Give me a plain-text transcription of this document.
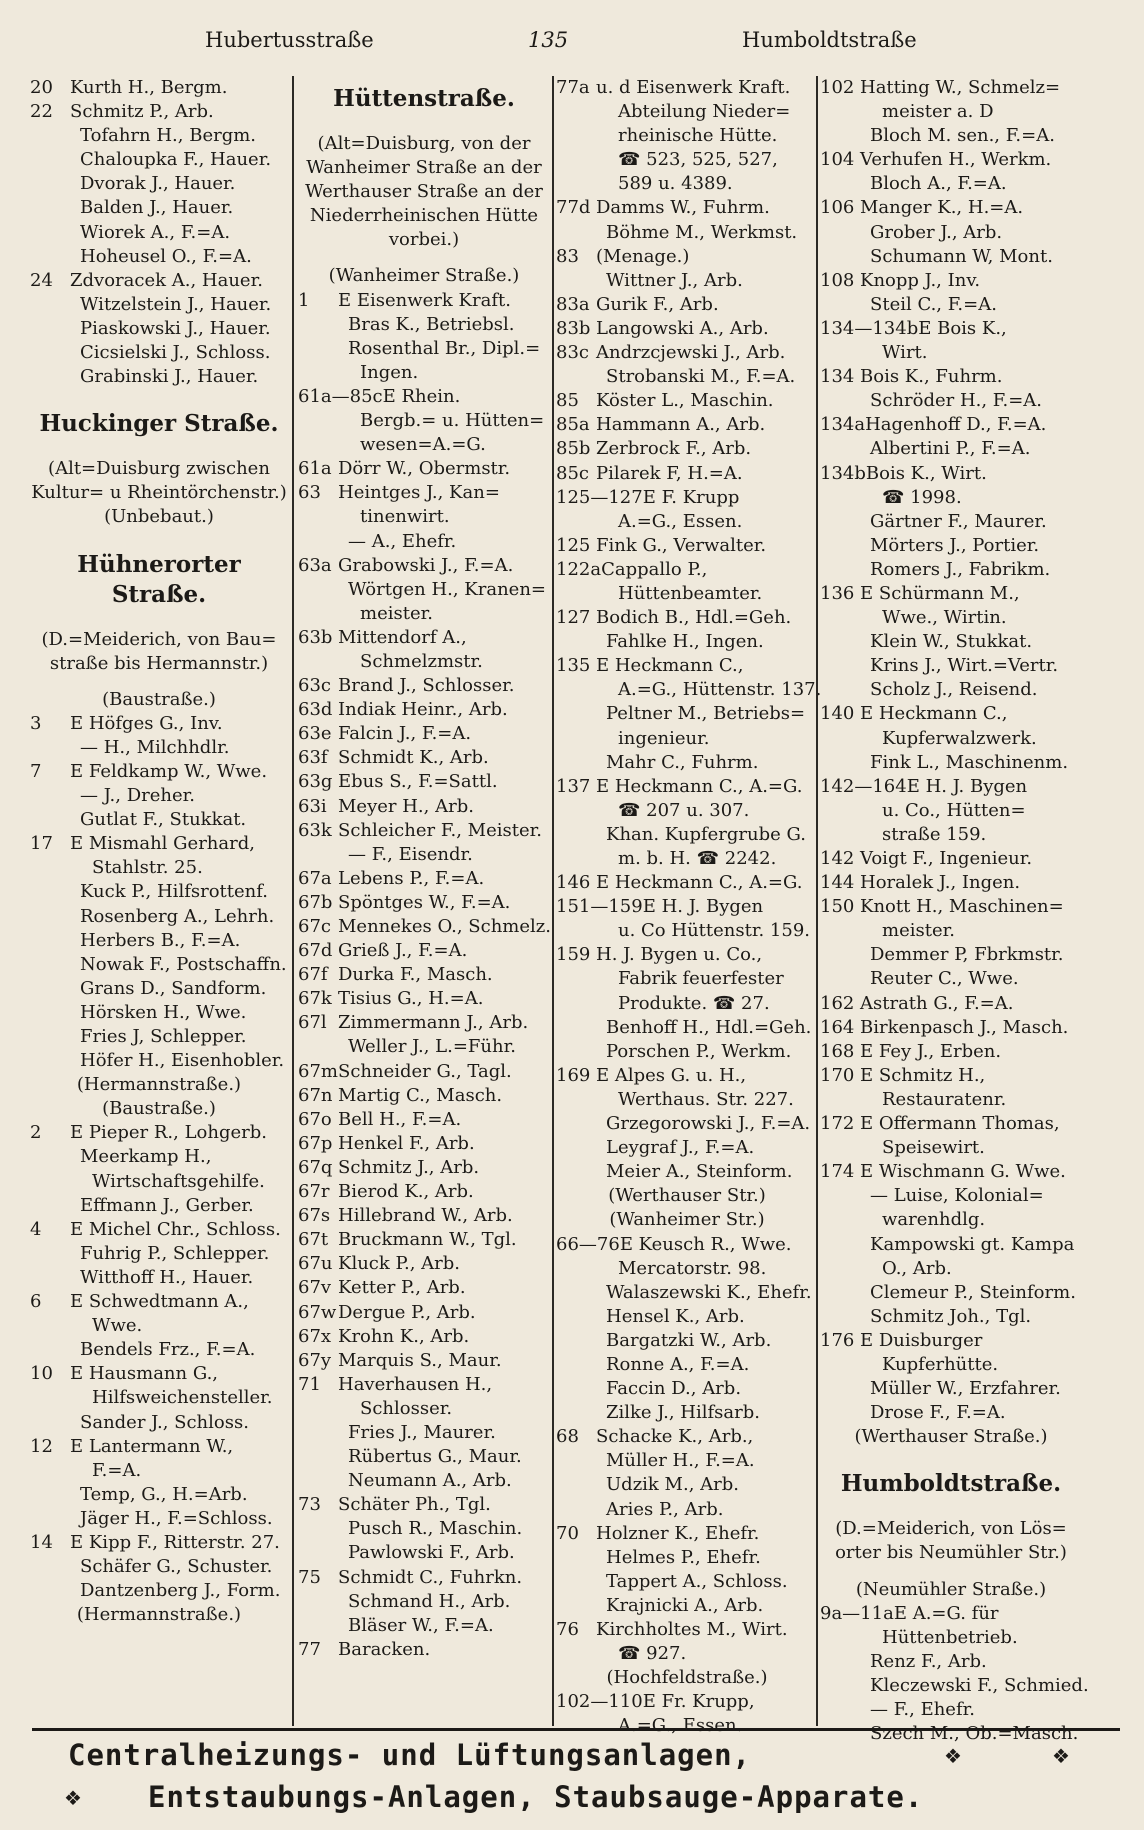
Hubertusstraße	135	Humboldtstraße
20 Kurth H., Bergm.
22 Schmitz P., Arb.
Tofahrn H., Bergm.
Chaloupka F., Hauer.
Dvorak J., Hauer.
Balden J., Hauer.
Wiorek A., F.=A.
Hoheusel O., F.=A.
24 Zdvoracek A., Hauer.
Witzelstein J., Hauer.
Piaskowski J., Hauer.
Cicsielski J., Schloss.
Grabinski J., Hauer.
Huckinger Straße.
(Alt=Duisburg zwischen
Kultur= u Rheintörchenstr.)
(Unbebaut.)
Hühnerorter Straße.
(D.=Meiderich, von Bau=
straße bis Hermannstr.)
(Baustraße.)
3	E Höfges G., Inv.
— H., Milchhdlr.
7	E Feldkamp W., Wwe.
— J., Dreher.
Gutlat F., Stukkat.
17 E Mismahl Gerhard,
Stahlstr. 25.
Kuck P., Hilfsrottenf.
Rosenberg A., Lehrh.
Herbers B., F.=A.
Nowak F., Postschaffn.
Grans D., Sandform.
Hörsken H., Wwe.
Fries J, Schlepper.
Höfer H., Eisenhobler.
(Hermannstraße.)
(Baustraße.)
2	E Pieper R., Lohgerb.
Meerkamp H.,
Wirtschaftsgehilfe.
Effmann J., Gerber.
4	E Michel Chr., Schloss.
Fuhrig P., Schlepper.
Witthoff H., Hauer.
6	E Schwedtmann A.,
Wwe.
Bendels Frz., F.=A.
10 E Hausmann G.,
Hilfsweichensteller.
Sander J., Schloss.
12 E Lantermann W.,
F.=A.
Temp, G., H.=Arb.
Jäger H., F.=Schloss.
14 E Kipp F., Ritterstr. 27.
Schäfer G., Schuster.
Dantzenberg J., Form.
(Hermannstraße.)
Hüttenstraße.
(Alt=Duisburg, von der
Wanheimer Straße an der
Werthauser Straße an der
Niederrheinischen Hütte
vorbei.)
(Wanheimer Straße.)
1	E Eisenwerk Kraft.
Bras K., Betriebsl.
Rosenthal Br., Dipl.=
Ingen.
61a—85c E Rhein.
Bergb.= u. Hütten=
wesen=A.=G.
61a Dörr W., Obermstr.
63 Heintges J., Kan=
tinenwirt.
— A., Ehefr.
63a Grabowski J., F.=A.
Wörtgen H., Kranen=
meister.
63b Mittendorf A.,
Schmelzmstr.
63c Brand J., Schlosser.
63d Indiak Heinr., Arb.
63e Falcin J., F.=A.
63f Schmidt K., Arb.
63g Ebus S., F.=Sattl.
63i Meyer H., Arb.
63k Schleicher F., Meister.
— F., Eisendr.
67a Lebens P., F.=A.
67b Spöntges W., F.=A.
67c Mennekes O., Schmelz.
67d Grieß J., F.=A.
67f Durka F., Masch.
67k Tisius G., H.=A.
67l Zimmermann J., Arb.
Weller J., L.=Führ.
67m Schneider G., Tagl.
67n Martig C., Masch.
67o Bell H., F.=A.
67p Henkel F., Arb.
67q Schmitz J., Arb.
67r Bierod K., Arb.
67s Hillebrand W., Arb.
67t Bruckmann W., Tgl.
67u Kluck P., Arb.
67v Ketter P., Arb.
67w Dergue P., Arb.
67x Krohn K., Arb.
67y Marquis S., Maur.
71 Haverhausen H.,
Schlosser.
Fries J., Maurer.
Rübertus G., Maur.
Neumann A., Arb.
73 Schäter Ph., Tgl.
Pusch R., Maschin.
Pawlowski F., Arb.
75 Schmidt C., Fuhrkn.
Schmand H., Arb.
Bläser W., F.=A.
77 Baracken.
77a u. d Eisenwerk Kraft.
Abteilung Nieder=
rheinische Hütte.
☎ 523, 525, 527,
589 u. 4389.
77d Damms W., Fuhrm.
Böhme M., Werkmst.
83 (Menage.)
Wittner J., Arb.
83a Gurik F., Arb.
83b Langowski A., Arb.
83c Andrzcjewski J., Arb.
Strobanski M., F.=A.
85 Köster L., Maschin.
85a Hammann A., Arb.
85b Zerbrock F., Arb.
85c Pilarek F, H.=A.
125—127 E F. Krupp
A.=G., Essen.
125 Fink G., Verwalter.
122a Cappallo P.,
Hüttenbeamter.
127 Bodich B., Hdl.=Geh.
Fahlke H., Ingen.
135 E Heckmann C.,
A.=G., Hüttenstr. 137.
Peltner M., Betriebs=
ingenieur.
Mahr C., Fuhrm.
137 E Heckmann C., A.=G.
☎ 207 u. 307.
Khan. Kupfergrube G.
m. b. H. ☎ 2242.
146 E Heckmann C., A.=G.
151—159 E H. J. Bygen
u. Co Hüttenstr. 159.
159 H. J. Bygen u. Co.,
Fabrik feuerfester
Produkte. ☎ 27.
Benhoff H., Hdl.=Geh.
Porschen P., Werkm.
169 E Alpes G. u. H.,
Werthaus. Str. 227.
Grzegorowski J., F.=A.
Leygraf J., F.=A.
Meier A., Steinform.
(Werthauser Str.)
(Wanheimer Str.)
66—76 E Keusch R., Wwe.
Mercatorstr. 98.
Walaszewski K., Ehefr.
Hensel K., Arb.
Bargatzki W., Arb.
Ronne A., F.=A.
Faccin D., Arb.
Zilke J., Hilfsarb.
68 Schacke K., Arb.,
Müller H., F.=A.
Udzik M., Arb.
Aries P., Arb.
70 Holzner K., Ehefr.
Helmes P., Ehefr.
Tappert A., Schloss.
Krajnicki A., Arb.
76 Kirchholtes M., Wirt.
☎ 927.
(Hochfeldstraße.)
102—110 E Fr. Krupp,
A.=G., Essen.
102 Hatting W., Schmelz=
meister a. D
Bloch M. sen., F.=A.
104 Verhufen H., Werkm.
Bloch A., F.=A.
106 Manger K., H.=A.
Grober J., Arb.
Schumann W, Mont.
108 Knopp J., Inv.
Steil C., F.=A.
134—134b E Bois K.,
Wirt.
134 Bois K., Fuhrm.
Schröder H., F.=A.
134a Hagenhoff D., F.=A.
Albertini P., F.=A.
134b Bois K., Wirt.
☎ 1998.
Gärtner F., Maurer.
Mörters J., Portier.
Romers J., Fabrikm.
136 E Schürmann M.,
Wwe., Wirtin.
Klein W., Stukkat.
Krins J., Wirt.=Vertr.
Scholz J., Reisend.
140 E Heckmann C.,
Kupferwalzwerk.
Fink L., Maschinenm.
142—164 E H. J. Bygen
u. Co., Hütten=
straße 159.
142 Voigt F., Ingenieur.
144 Horalek J., Ingen.
150 Knott H., Maschinen=
meister.
Demmer P, Fbrkmstr.
Reuter C., Wwe.
162 Astrath G., F.=A.
164 Birkenpasch J., Masch.
168 E Fey J., Erben.
170 E Schmitz H.,
Restauratenr.
172 E Offermann Thomas,
Speisewirt.
174 E Wischmann G. Wwe.
— Luise, Kolonial=
warenhdlg.
Kampowski gt. Kampa
O., Arb.
Clemeur P., Steinform.
Schmitz Joh., Tgl.
176 E Duisburger
Kupferhütte.
Müller W., Erzfahrer.
Drose F., F.=A.
(Werthauser Straße.)
Humboldtstraße.
(D.=Meiderich, von Lös=
orter bis Neumühler Str.)
(Neumühler Straße.)
9a—11a E A.=G. für
Hüttenbetrieb.
Renz F., Arb.
Kleczewski F., Schmied.
— F., Ehefr.
Szech M., Ob.=Masch.
❖	❖
❖
Centralheizungs- und Lüftungsanlagen,
Entstaubungs-Anlagen, Staubsauge-Apparate.
